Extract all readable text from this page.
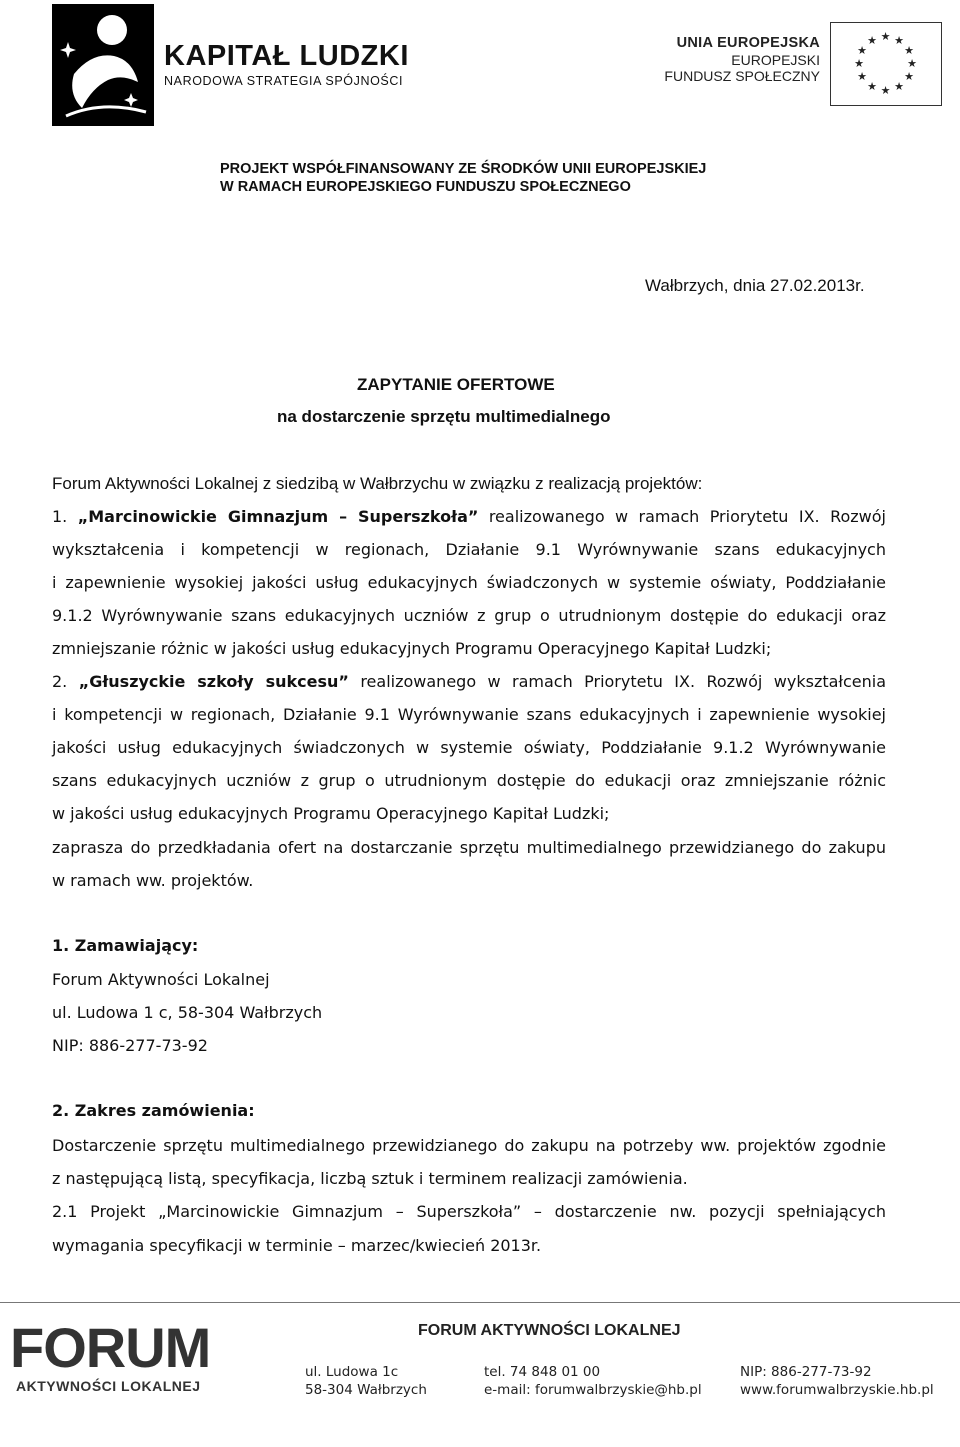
KAPITAŁ LUDZKI
NARODOWA STRATEGIA SPÓJNOŚCI
UNIA EUROPEJSKA
EUROPEJSKI
FUNDUSZ SPOŁECZNY
★ ★
★
★
★
★
★
★
★
★
★
★
PROJEKT WSPÓŁFINANSOWANY ZE ŚRODKÓW UNII EUROPEJSKIEJ
W RAMACH EUROPEJSKIEGO FUNDUSZU SPOŁECZNEGO
Wałbrzych, dnia 27.02.2013r.
ZAPYTANIE OFERTOWE
na dostarczenie sprzętu multimedialnego
Forum Aktywności Lokalnej z siedzibą w Wałbrzychu w związku z realizacją projektów:
1. „Marcinowickie Gimnazjum – Superszkoła” realizowanego w ramach Priorytetu IX. Rozwój
wykształcenia i kompetencji w regionach, Działanie 9.1 Wyrównywanie szans edukacyjnych
i zapewnienie wysokiej jakości usług edukacyjnych świadczonych w systemie oświaty, Poddziałanie
9.1.2 Wyrównywanie szans edukacyjnych uczniów z grup o utrudnionym dostępie do edukacji oraz
zmniejszanie różnic w jakości usług edukacyjnych Programu Operacyjnego Kapitał Ludzki;
2. „Głuszyckie szkoły sukcesu” realizowanego w ramach Priorytetu IX. Rozwój wykształcenia
i kompetencji w regionach, Działanie 9.1 Wyrównywanie szans edukacyjnych i zapewnienie wysokiej
jakości usług edukacyjnych świadczonych w systemie oświaty, Poddziałanie 9.1.2 Wyrównywanie
szans edukacyjnych uczniów z grup o utrudnionym dostępie do edukacji oraz zmniejszanie różnic
w jakości usług edukacyjnych Programu Operacyjnego Kapitał Ludzki;
zaprasza do przedkładania ofert na dostarczanie sprzętu multimedialnego przewidzianego do zakupu
w ramach ww. projektów.
1. Zamawiający:
Forum Aktywności Lokalnej
ul. Ludowa 1 c, 58-304 Wałbrzych
NIP: 886-277-73-92
2. Zakres zamówienia:
Dostarczenie sprzętu multimedialnego przewidzianego do zakupu na potrzeby ww. projektów zgodnie
z następującą listą, specyfikacja, liczbą sztuk i terminem realizacji zamówienia.
2.1 Projekt „Marcinowickie Gimnazjum – Superszkoła” – dostarczenie nw. pozycji spełniających
wymagania specyfikacji w terminie – marzec/kwiecień 2013r.
FORUM
AKTYWNOŚCI LOKALNEJ
FORUM AKTYWNOŚCI LOKALNEJ
ul. Ludowa 1c
58-304 Wałbrzych
tel. 74 848 01 00
e-mail: forumwalbrzyskie@hb.pl
NIP: 886-277-73-92
www.forumwalbrzyskie.hb.pl
